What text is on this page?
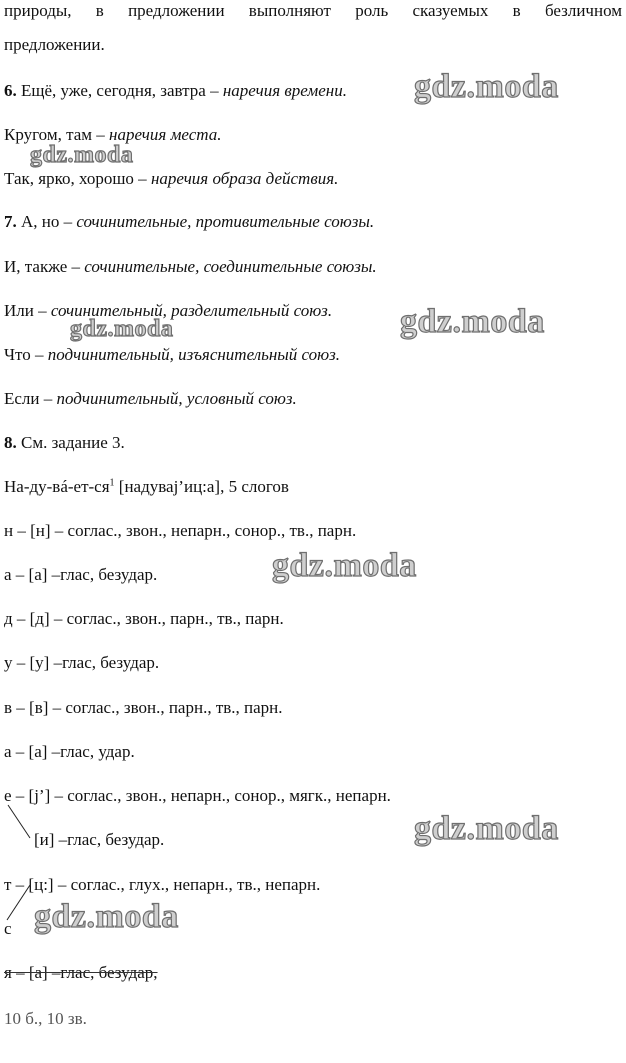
природы, в предложении выполняют роль сказуемых в безличном
предложении.
6. Ещё, уже, сегодня, завтра – наречия времени.
Кругом, там – наречия места.
Так, ярко, хорошо – наречия образа действия.
7. А, но – сочинительные, противительные союзы.
И, также – сочинительные, соединительные союзы.
Или – сочинительный, разделительный союз.
Что – подчинительный, изъяснительный союз.
Если – подчинительный, условный союз.
8. См. задание 3.
$На-ду-вá-ет-ся^1$ [надуваj’иц:а], 5 слогов
н – [н] – соглас., звон., непарн., сонор., тв., парн.
а – [а] –глас, безудар.
д – [д] – соглас., звон., парн., тв., парн.
у – [у] –глас, безудар.
в – [в] – соглас., звон., парн., тв., парн.
а – [а] –глас, удар.
е – [j’] – соглас., звон., непарн., сонор., мягк., непарн.
[и] –глас, безудар.
т – [ц:] – соглас., глух., непарн., тв., непарн.
с
я – [а] –глас, безудар,
10 б., 10 зв.
gdz.moda
gdz.moda
gdz.moda
gdz.moda
gdz.moda
gdz.moda
gdz.moda
